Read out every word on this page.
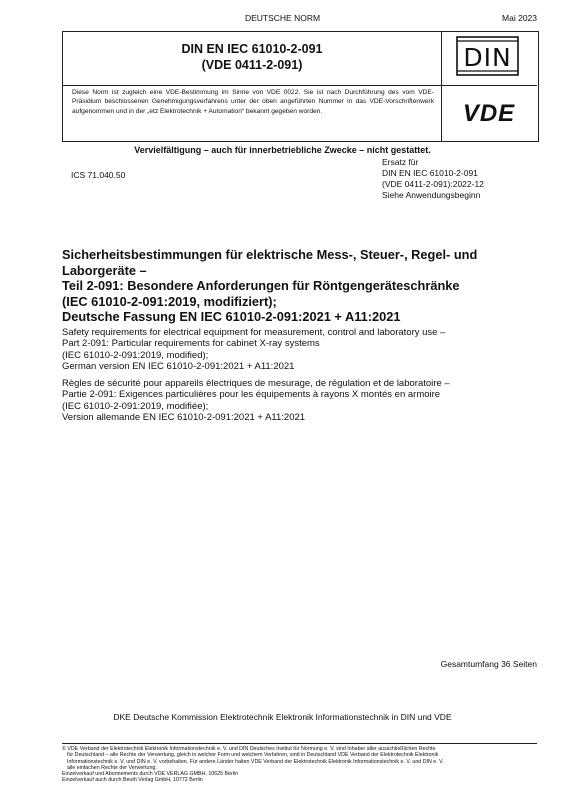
DEUTSCHE NORM	Mai 2023
DIN EN IEC 61010-2-091
(VDE 0411-2-091)	DIN
Diese Norm ist zugleich eine VDE-Bestimmung im Sinne von VDE 0022. Sie ist nach Durchführung des vom VDE-Präsidium beschlossenen Genehmigungsverfahrens unter der oben angeführten Nummer in das VDE-Vorschriftenwerk aufgenommen und in der „etz Elektrotechnik + Automation“ bekannt gegeben worden.	VDE
Vervielfältigung – auch für innerbetriebliche Zwecke – nicht gestattet.
ICS 71.040.50
Ersatz für
DIN EN IEC 61010-2-091
(VDE 0411-2-091):2022-12
Siehe Anwendungsbeginn
Sicherheitsbestimmungen für elektrische Mess-, Steuer-, Regel- und
Laborgeräte –
Teil 2-091: Besondere Anforderungen für Röntgengeräteschränke
(IEC 61010-2-091:2019, modifiziert);
Deutsche Fassung EN IEC 61010-2-091:2021 + A11:2021
Safety requirements for electrical equipment for measurement, control and laboratory use –
Part 2-091: Particular requirements for cabinet X-ray systems
(IEC 61010-2-091:2019, modified);
German version EN IEC 61010-2-091:2021 + A11:2021
Règles de sécurité pour appareils électriques de mesurage, de régulation et de laboratoire –
Partie 2-091: Exigences particulières pour les équipements à rayons X montés en armoire
(IEC 61010-2-091:2019, modifiée);
Version allemande EN IEC 61010-2-091:2021 + A11:2021
Gesamtumfang 36 Seiten
DKE Deutsche Kommission Elektrotechnik Elektronik Informationstechnik in DIN und VDE
© VDE Verband der Elektrotechnik Elektronik Informationstechnik e. V. und DIN Deutsches Institut für Normung e. V. sind Inhaber aller ausschließlichen Rechte
für Deutschland – alle Rechte der Verwertung, gleich in welcher Form und welchem Verfahren, sind in Deutschland VDE Verband der Elektrotechnik Elektronik
Informationstechnik e. V. und DIN e. V. vorbehalten. Für andere Länder halten VDE Verband der Elektrotechnik Elektronik Informationstechnik e. V. und DIN e. V.
alle einfachen Rechte der Verwertung.
Einzelverkauf und Abonnements durch VDE VERLAG GMBH, 10625 Berlin
Einzelverkauf auch durch Beuth Verlag GmbH, 10772 Berlin
